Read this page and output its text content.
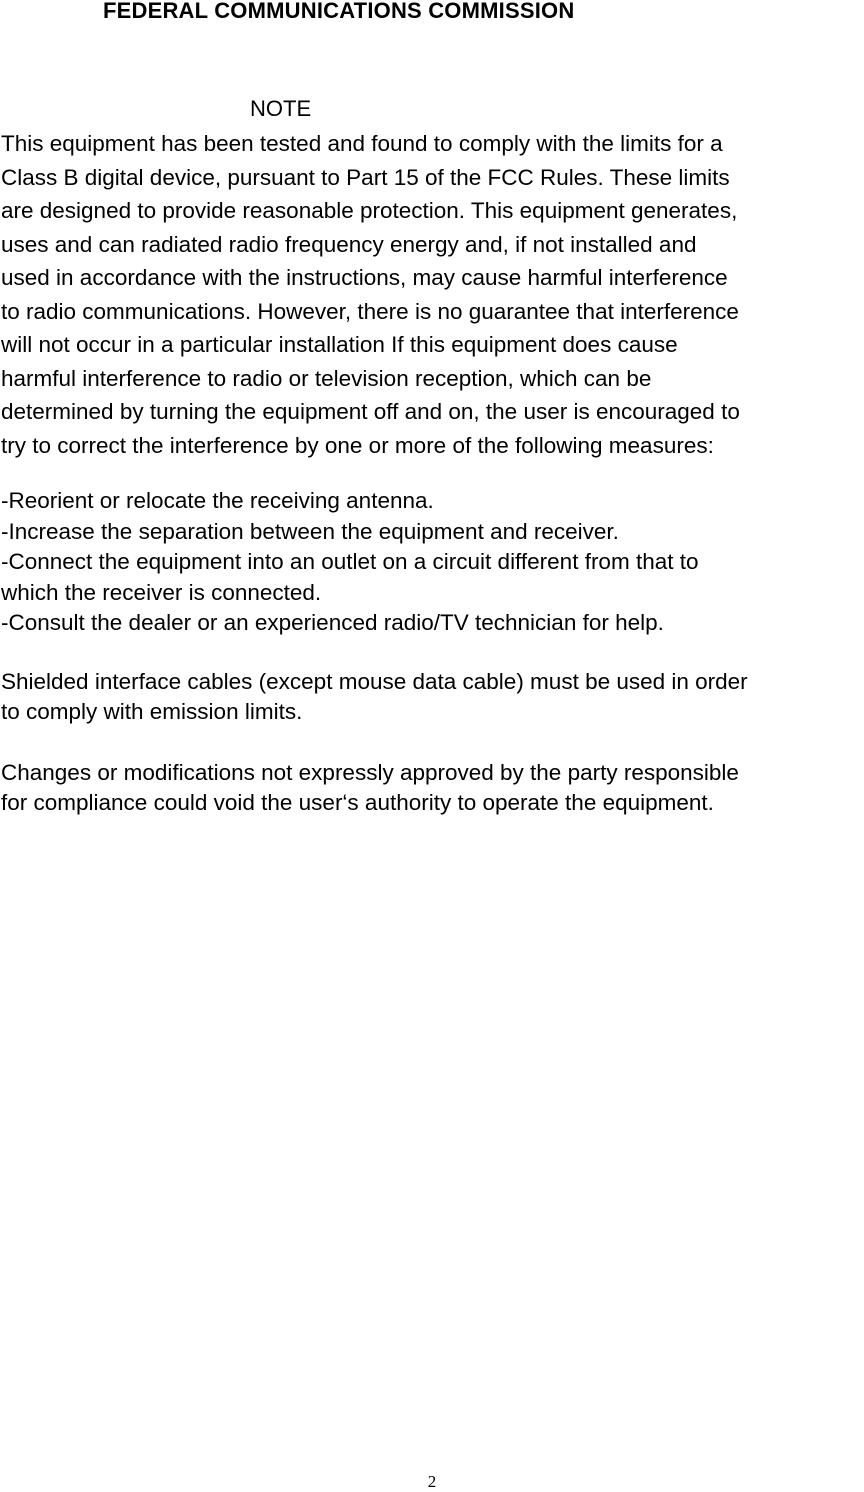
FEDERAL COMMUNICATIONS COMMISSION
NOTE
This equipment has been tested and found to comply with the limits for a
Class B digital device, pursuant to Part 15 of the FCC Rules. These limits
are designed to provide reasonable protection. This equipment generates,
uses and can radiated radio frequency energy and, if not installed and
used in accordance with the instructions, may cause harmful interference
to radio communications. However, there is no guarantee that interference
will not occur in a particular installation If this equipment does cause
harmful interference to radio or television reception, which can be
determined by turning the equipment off and on, the user is encouraged to
try to correct the interference by one or more of the following measures:
-Reorient or relocate the receiving antenna.
-Increase the separation between the equipment and receiver.
-Connect the equipment into an outlet on a circuit different from that to
which the receiver is connected.
-Consult the dealer or an experienced radio/TV technician for help.
Shielded interface cables (except mouse data cable) must be used in order
to comply with emission limits.
Changes or modifications not expressly approved by the party responsible
for compliance could void the user‘s authority to operate the equipment.
2
